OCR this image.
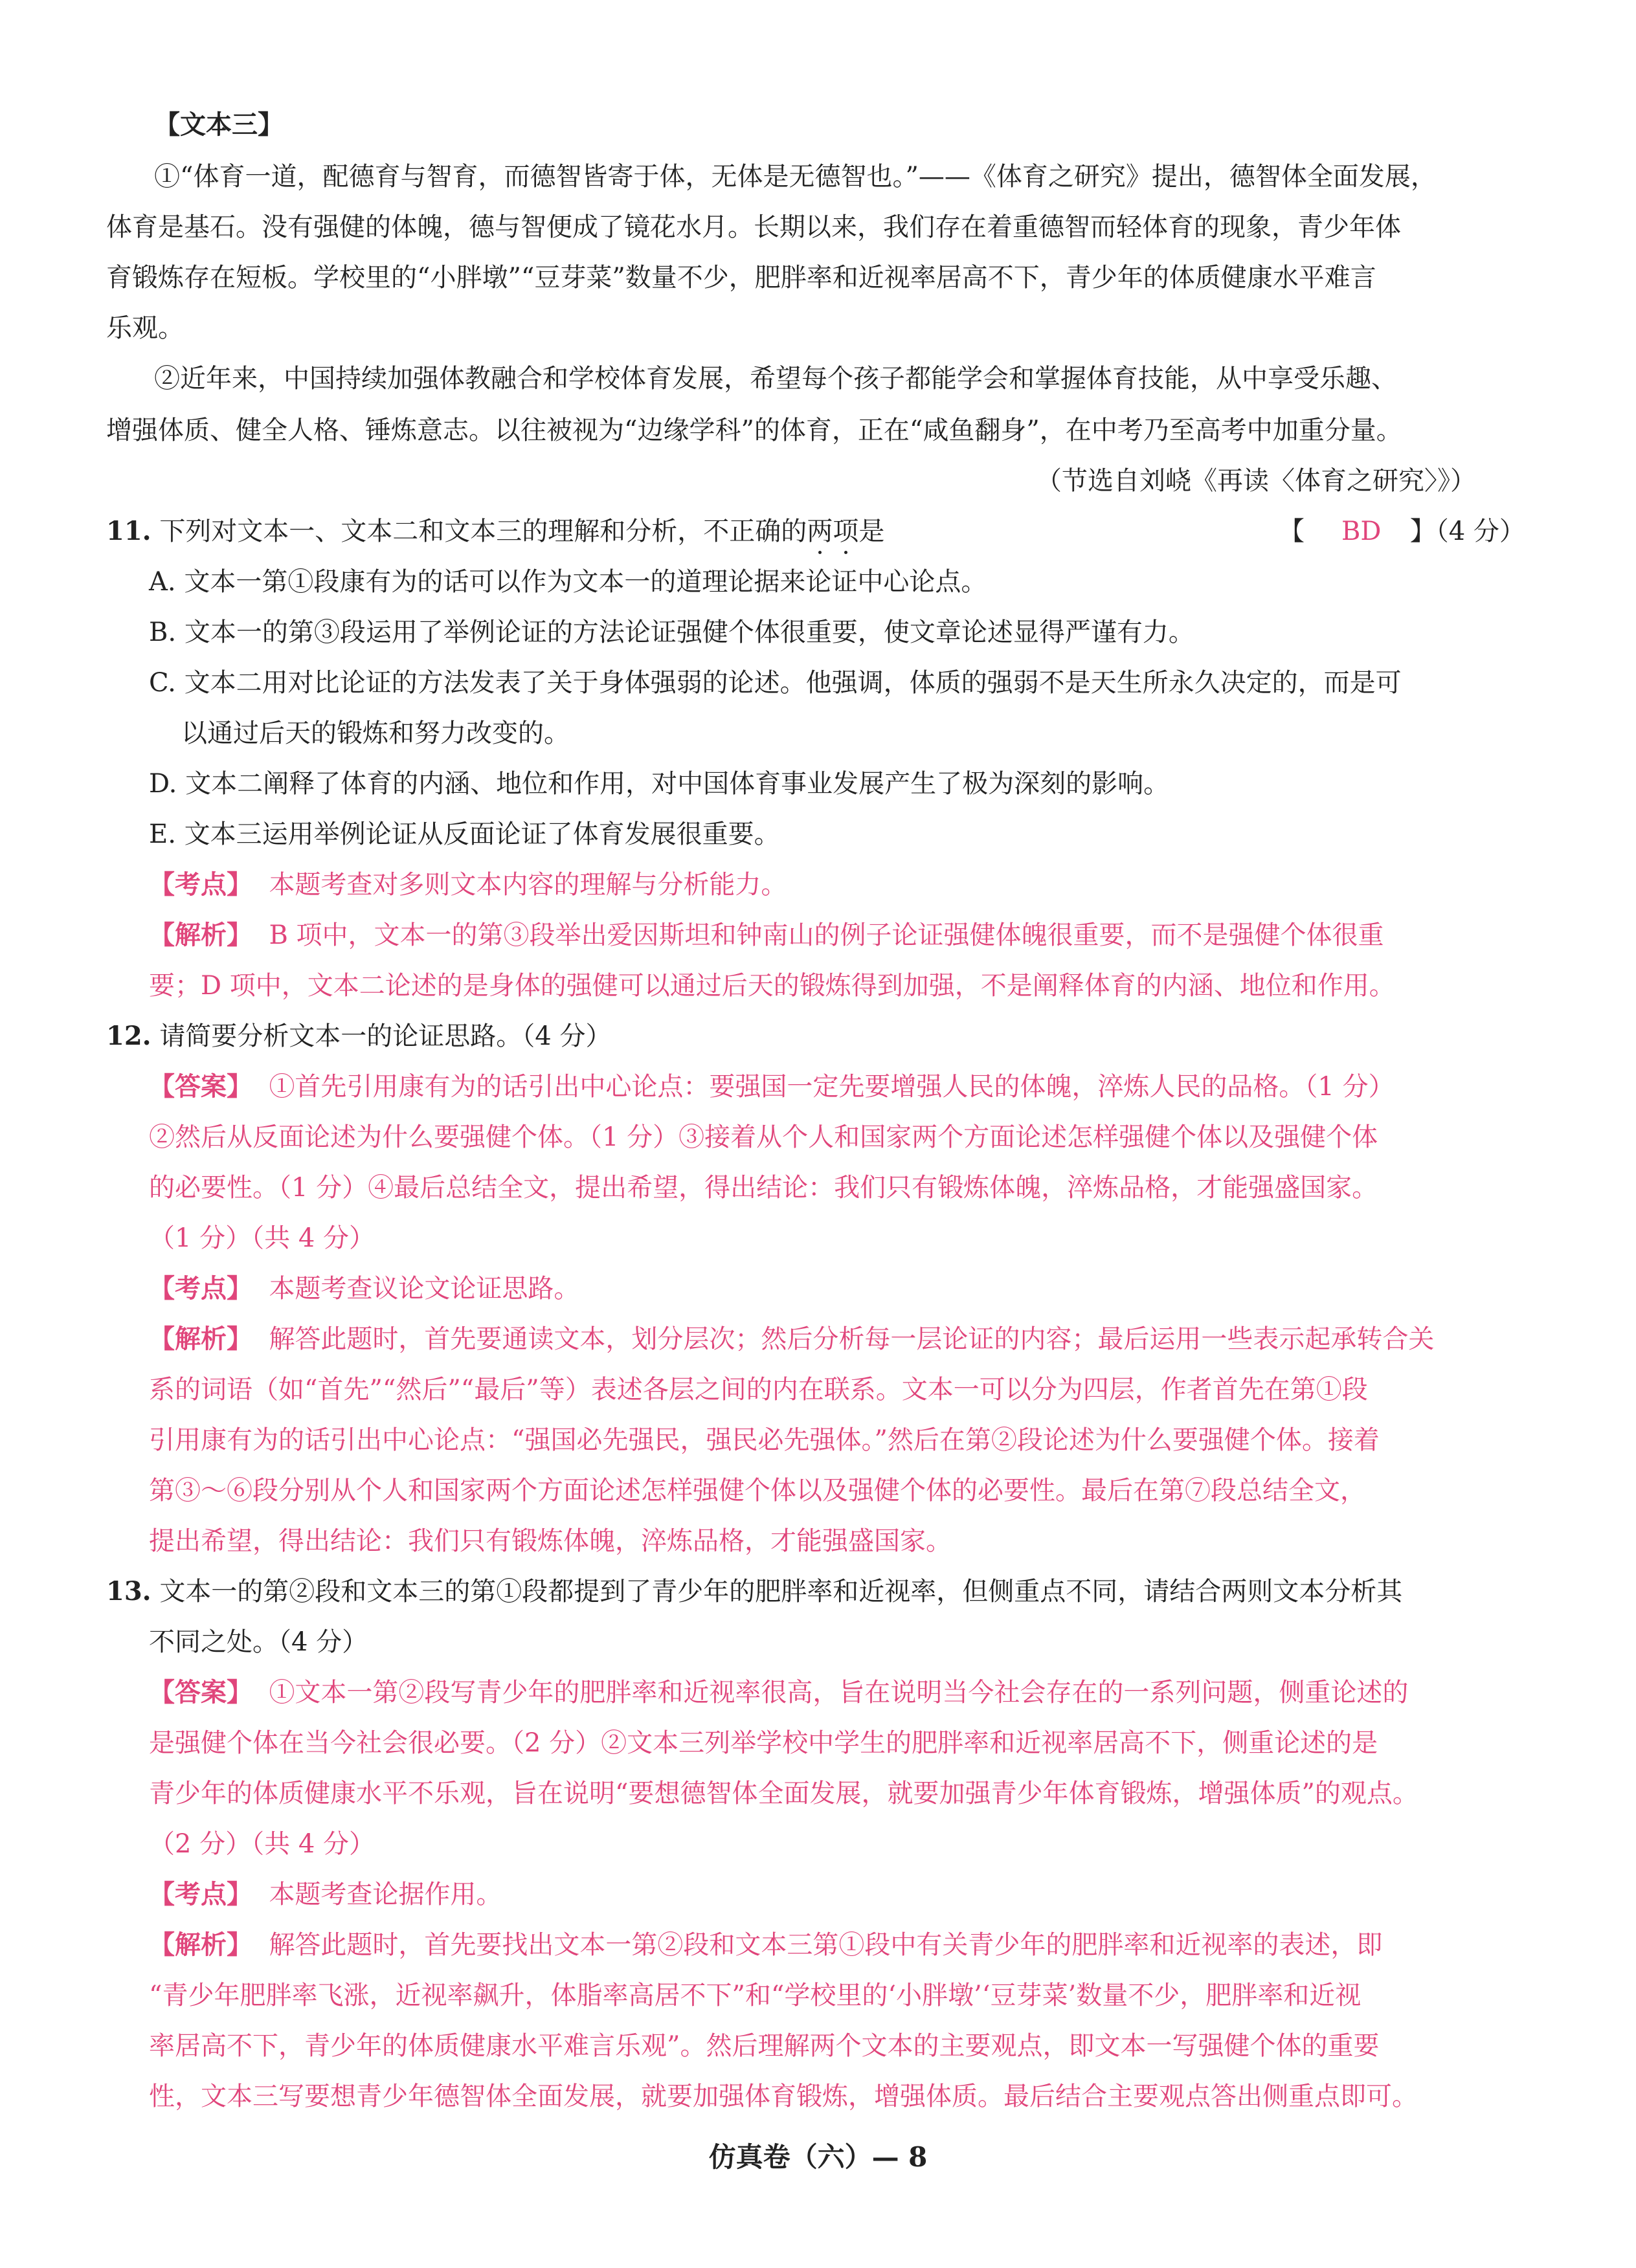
【文本三】
①“体育一道，配德育与智育，而德智皆寄于体，无体是无德智也。”——《体育之研究》提出，德智体全面发展，
体育是基石。没有强健的体魄，德与智便成了镜花水月。长期以来，我们存在着重德智而轻体育的现象，青少年体
育锻炼存在短板。学校里的“小胖墩”“豆芽菜”数量不少，肥胖率和近视率居高不下，青少年的体质健康水平难言
乐观。
②近年来，中国持续加强体教融合和学校体育发展，希望每个孩子都能学会和掌握体育技能，从中享受乐趣、
增强体质、健全人格、锤炼意志。以往被视为“边缘学科”的体育，正在“咸鱼翻身”，在中考乃至高考中加重分量。
（节选自刘峣《再读〈体育之研究〉》）
11. 下列对文本一、文本二和文本三的理解和分析，不正确的两项是	【 BD 】（4 分）
A. 文本一第①段康有为的话可以作为文本一的道理论据来论证中心论点。
B. 文本一的第③段运用了举例论证的方法论证强健个体很重要，使文章论述显得严谨有力。
C. 文本二用对比论证的方法发表了关于身体强弱的论述。他强调，体质的强弱不是天生所永久决定的，而是可
以通过后天的锻炼和努力改变的。
D. 文本二阐释了体育的内涵、地位和作用，对中国体育事业发展产生了极为深刻的影响。
E. 文本三运用举例论证从反面论证了体育发展很重要。
【考点】 本题考查对多则文本内容的理解与分析能力。
【解析】 B 项中，文本一的第③段举出爱因斯坦和钟南山的例子论证强健体魄很重要，而不是强健个体很重
要；D 项中，文本二论述的是身体的强健可以通过后天的锻炼得到加强，不是阐释体育的内涵、地位和作用。
12. 请简要分析文本一的论证思路。（4 分）
【答案】 ①首先引用康有为的话引出中心论点：要强国一定先要增强人民的体魄，淬炼人民的品格。（1 分）
②然后从反面论述为什么要强健个体。（1 分）③接着从个人和国家两个方面论述怎样强健个体以及强健个体
的必要性。（1 分）④最后总结全文，提出希望，得出结论：我们只有锻炼体魄，淬炼品格，才能强盛国家。
（1 分）（共 4 分）
【考点】 本题考查议论文论证思路。
【解析】 解答此题时，首先要通读文本，划分层次；然后分析每一层论证的内容；最后运用一些表示起承转合关
系的词语（如“首先”“然后”“最后”等）表述各层之间的内在联系。文本一可以分为四层，作者首先在第①段
引用康有为的话引出中心论点：“强国必先强民，强民必先强体。”然后在第②段论述为什么要强健个体。接着
第③～⑥段分别从个人和国家两个方面论述怎样强健个体以及强健个体的必要性。最后在第⑦段总结全文，
提出希望，得出结论：我们只有锻炼体魄，淬炼品格，才能强盛国家。
13. 文本一的第②段和文本三的第①段都提到了青少年的肥胖率和近视率，但侧重点不同，请结合两则文本分析其
不同之处。（4 分）
【答案】 ①文本一第②段写青少年的肥胖率和近视率很高，旨在说明当今社会存在的一系列问题，侧重论述的
是强健个体在当今社会很必要。（2 分）②文本三列举学校中学生的肥胖率和近视率居高不下，侧重论述的是
青少年的体质健康水平不乐观，旨在说明“要想德智体全面发展，就要加强青少年体育锻炼，增强体质”的观点。
（2 分）（共 4 分）
【考点】 本题考查论据作用。
【解析】 解答此题时，首先要找出文本一第②段和文本三第①段中有关青少年的肥胖率和近视率的表述，即
“青少年肥胖率飞涨，近视率飙升，体脂率高居不下”和“学校里的‘小胖墩’‘豆芽菜’数量不少，肥胖率和近视
率居高不下，青少年的体质健康水平难言乐观”。然后理解两个文本的主要观点，即文本一写强健个体的重要
性，文本三写要想青少年德智体全面发展，就要加强体育锻炼，增强体质。最后结合主要观点答出侧重点即可。
仿真卷（六）— 8
